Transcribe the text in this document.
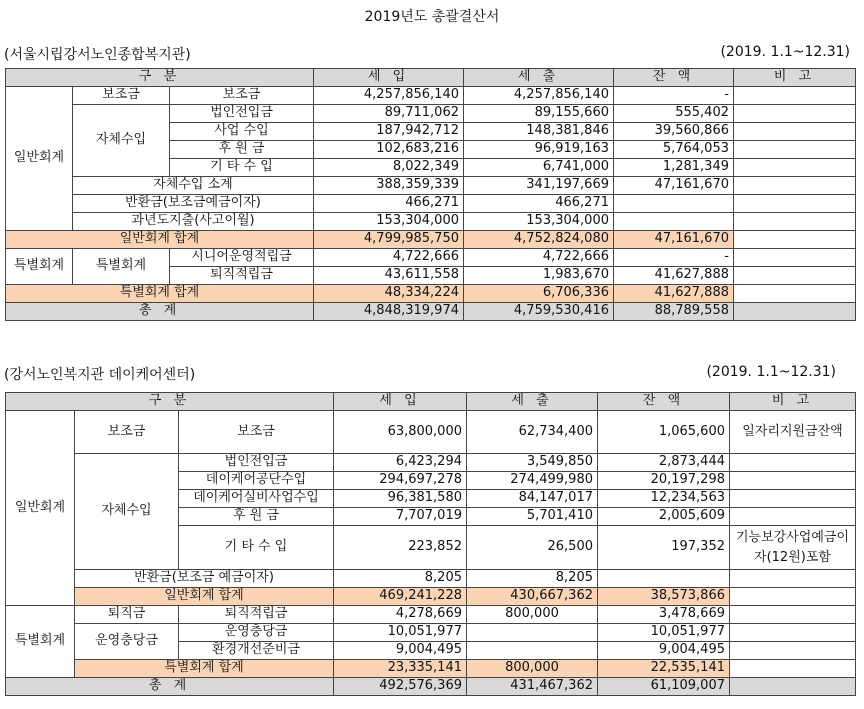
2019년도 총괄결산서
(서울시립강서노인종합복지관)	(2019. 1.1~12.31)
구 분			세 입	세 출	잔 액	비 고
일반회계	보조금	보조금	4,257,856,140	4,257,856,140	-	
	자체수입	법인전입금	89,711,062	89,155,660	555,402	
		사업 수입	187,942,712	148,381,846	39,560,866	
		후 원 금	102,683,216	96,919,163	5,764,053	
		기 타 수 입	8,022,349	6,741,000	1,281,349	
	자체수입 소계		388,359,339	341,197,669	47,161,670	
	반환금(보조금예금이자)		466,271	466,271		
	과년도지출(사고이월)		153,304,000	153,304,000		
일반회계 합계			4,799,985,750	4,752,824,080	47,161,670	
특별회계	특별회계	시니어운영적립금	4,722,666	4,722,666	-	
		퇴직적립금	43,611,558	1,983,670	41,627,888	
특별회계 합계			48,334,224	6,706,336	41,627,888	
총 계			4,848,319,974	4,759,530,416	88,789,558	
(강서노인복지관 데이케어센터)	(2019. 1.1~12.31)
구 분			세 입	세 출	잔 액	비 고
일반회계	보조금	보조금	63,800,000	62,734,400	1,065,600	일자리지원금잔액
	자체수입	법인전입금	6,423,294	3,549,850	2,873,444	
		데이케어공단수입	294,697,278	274,499,980	20,197,298	
		데이케어실비사업수입	96,381,580	84,147,017	12,234,563	
		후 원 금	7,707,019	5,701,410	2,005,609	
		기 타 수 입	223,852	26,500	197,352	기능보강사업예금이자(12원)포함
	반환금(보조금 예금이자)		8,205	8,205		
	일반회계 합계		469,241,228	430,667,362	38,573,866	
특별회계	퇴직금	퇴직적립금	4,278,669	800,000	3,478,669	
	운영충당금	운영충당금	10,051,977		10,051,977	
		환경개선준비금	9,004,495		9,004,495	
	특별회계 합계		23,335,141	800,000	22,535,141	
총 계			492,576,369	431,467,362	61,109,007	
